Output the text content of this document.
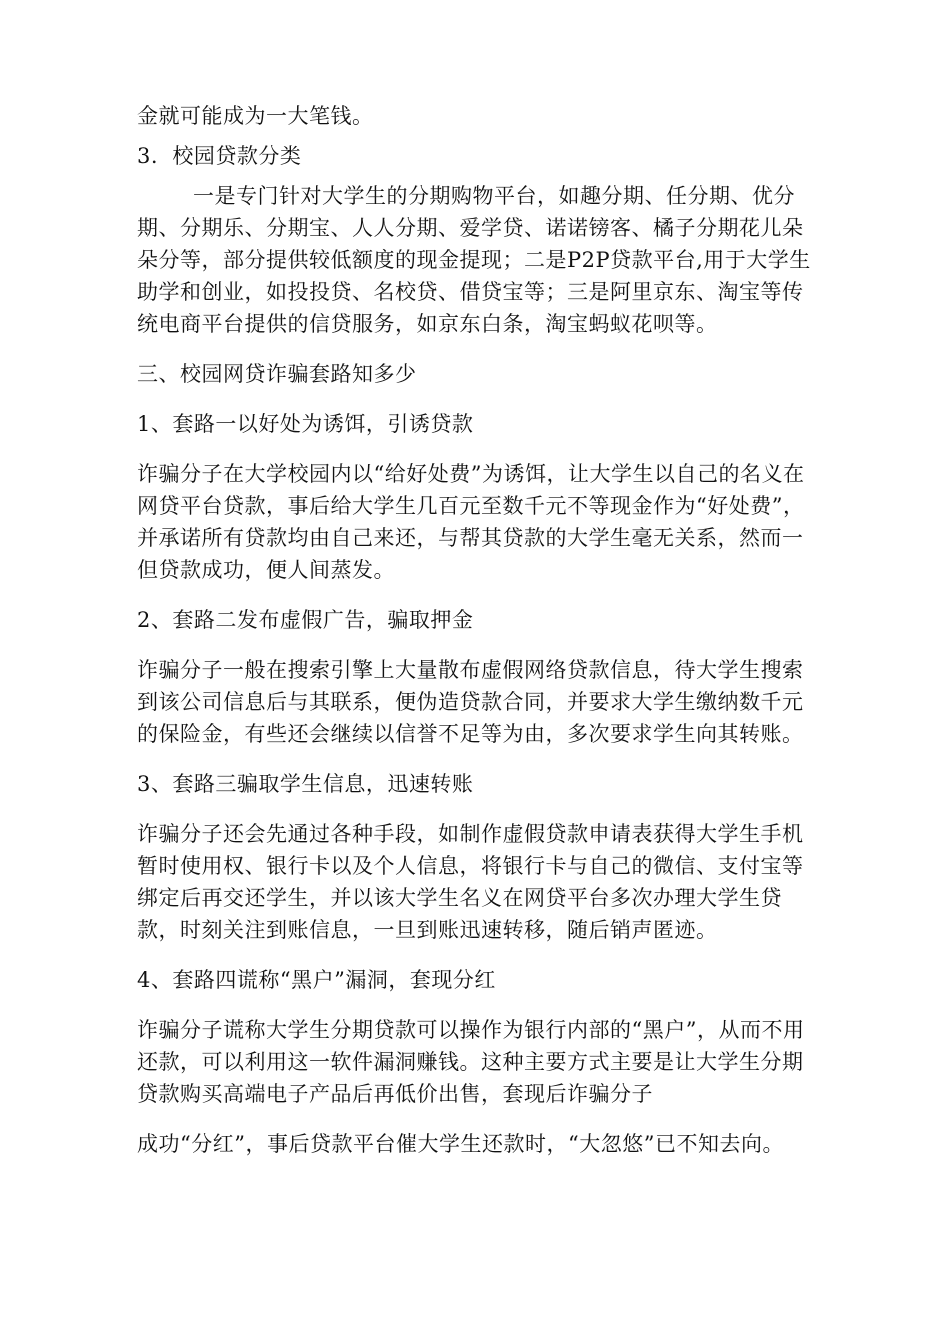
金就可能成为一大笔钱。

3.  校园贷款分类

一是专门针对大学生的分期购物平台，如趣分期、任分期、优分期、分期乐、分期宝、人人分期、爱学贷、诺诺镑客、橘子分期花儿朵朵分等，部分提供较低额度的现金提现；二是P2P贷款平台,用于大学生助学和创业，如投投贷、名校贷、借贷宝等；三是阿里京东、淘宝等传统电商平台提供的信贷服务，如京东白条，淘宝蚂蚁花呗等。

三、校园网贷诈骗套路知多少

1、套路一以好处为诱饵，引诱贷款

诈骗分子在大学校园内以“给好处费”为诱饵，让大学生以自己的名义在网贷平台贷款，事后给大学生几百元至数千元不等现金作为“好处费”，并承诺所有贷款均由自己来还，与帮其贷款的大学生毫无关系，然而一但贷款成功，便人间蒸发。

2、套路二发布虚假广告，骗取押金

诈骗分子一般在搜索引擎上大量散布虚假网络贷款信息，待大学生搜索到该公司信息后与其联系，便伪造贷款合同，并要求大学生缴纳数千元的保险金，有些还会继续以信誉不足等为由，多次要求学生向其转账。

3、套路三骗取学生信息，迅速转账

诈骗分子还会先通过各种手段，如制作虚假贷款申请表获得大学生手机暂时使用权、银行卡以及个人信息，将银行卡与自己的微信、支付宝等绑定后再交还学生，并以该大学生名义在网贷平台多次办理大学生贷款，时刻关注到账信息，一旦到账迅速转移，随后销声匿迹。

4、套路四谎称“黑户”漏洞，套现分红

诈骗分子谎称大学生分期贷款可以操作为银行内部的“黑户”，从而不用还款，可以利用这一软件漏洞赚钱。这种主要方式主要是让大学生分期贷款购买高端电子产品后再低价出售，套现后诈骗分子

成功“分红”，事后贷款平台催大学生还款时，“大忽悠”已不知去向。
